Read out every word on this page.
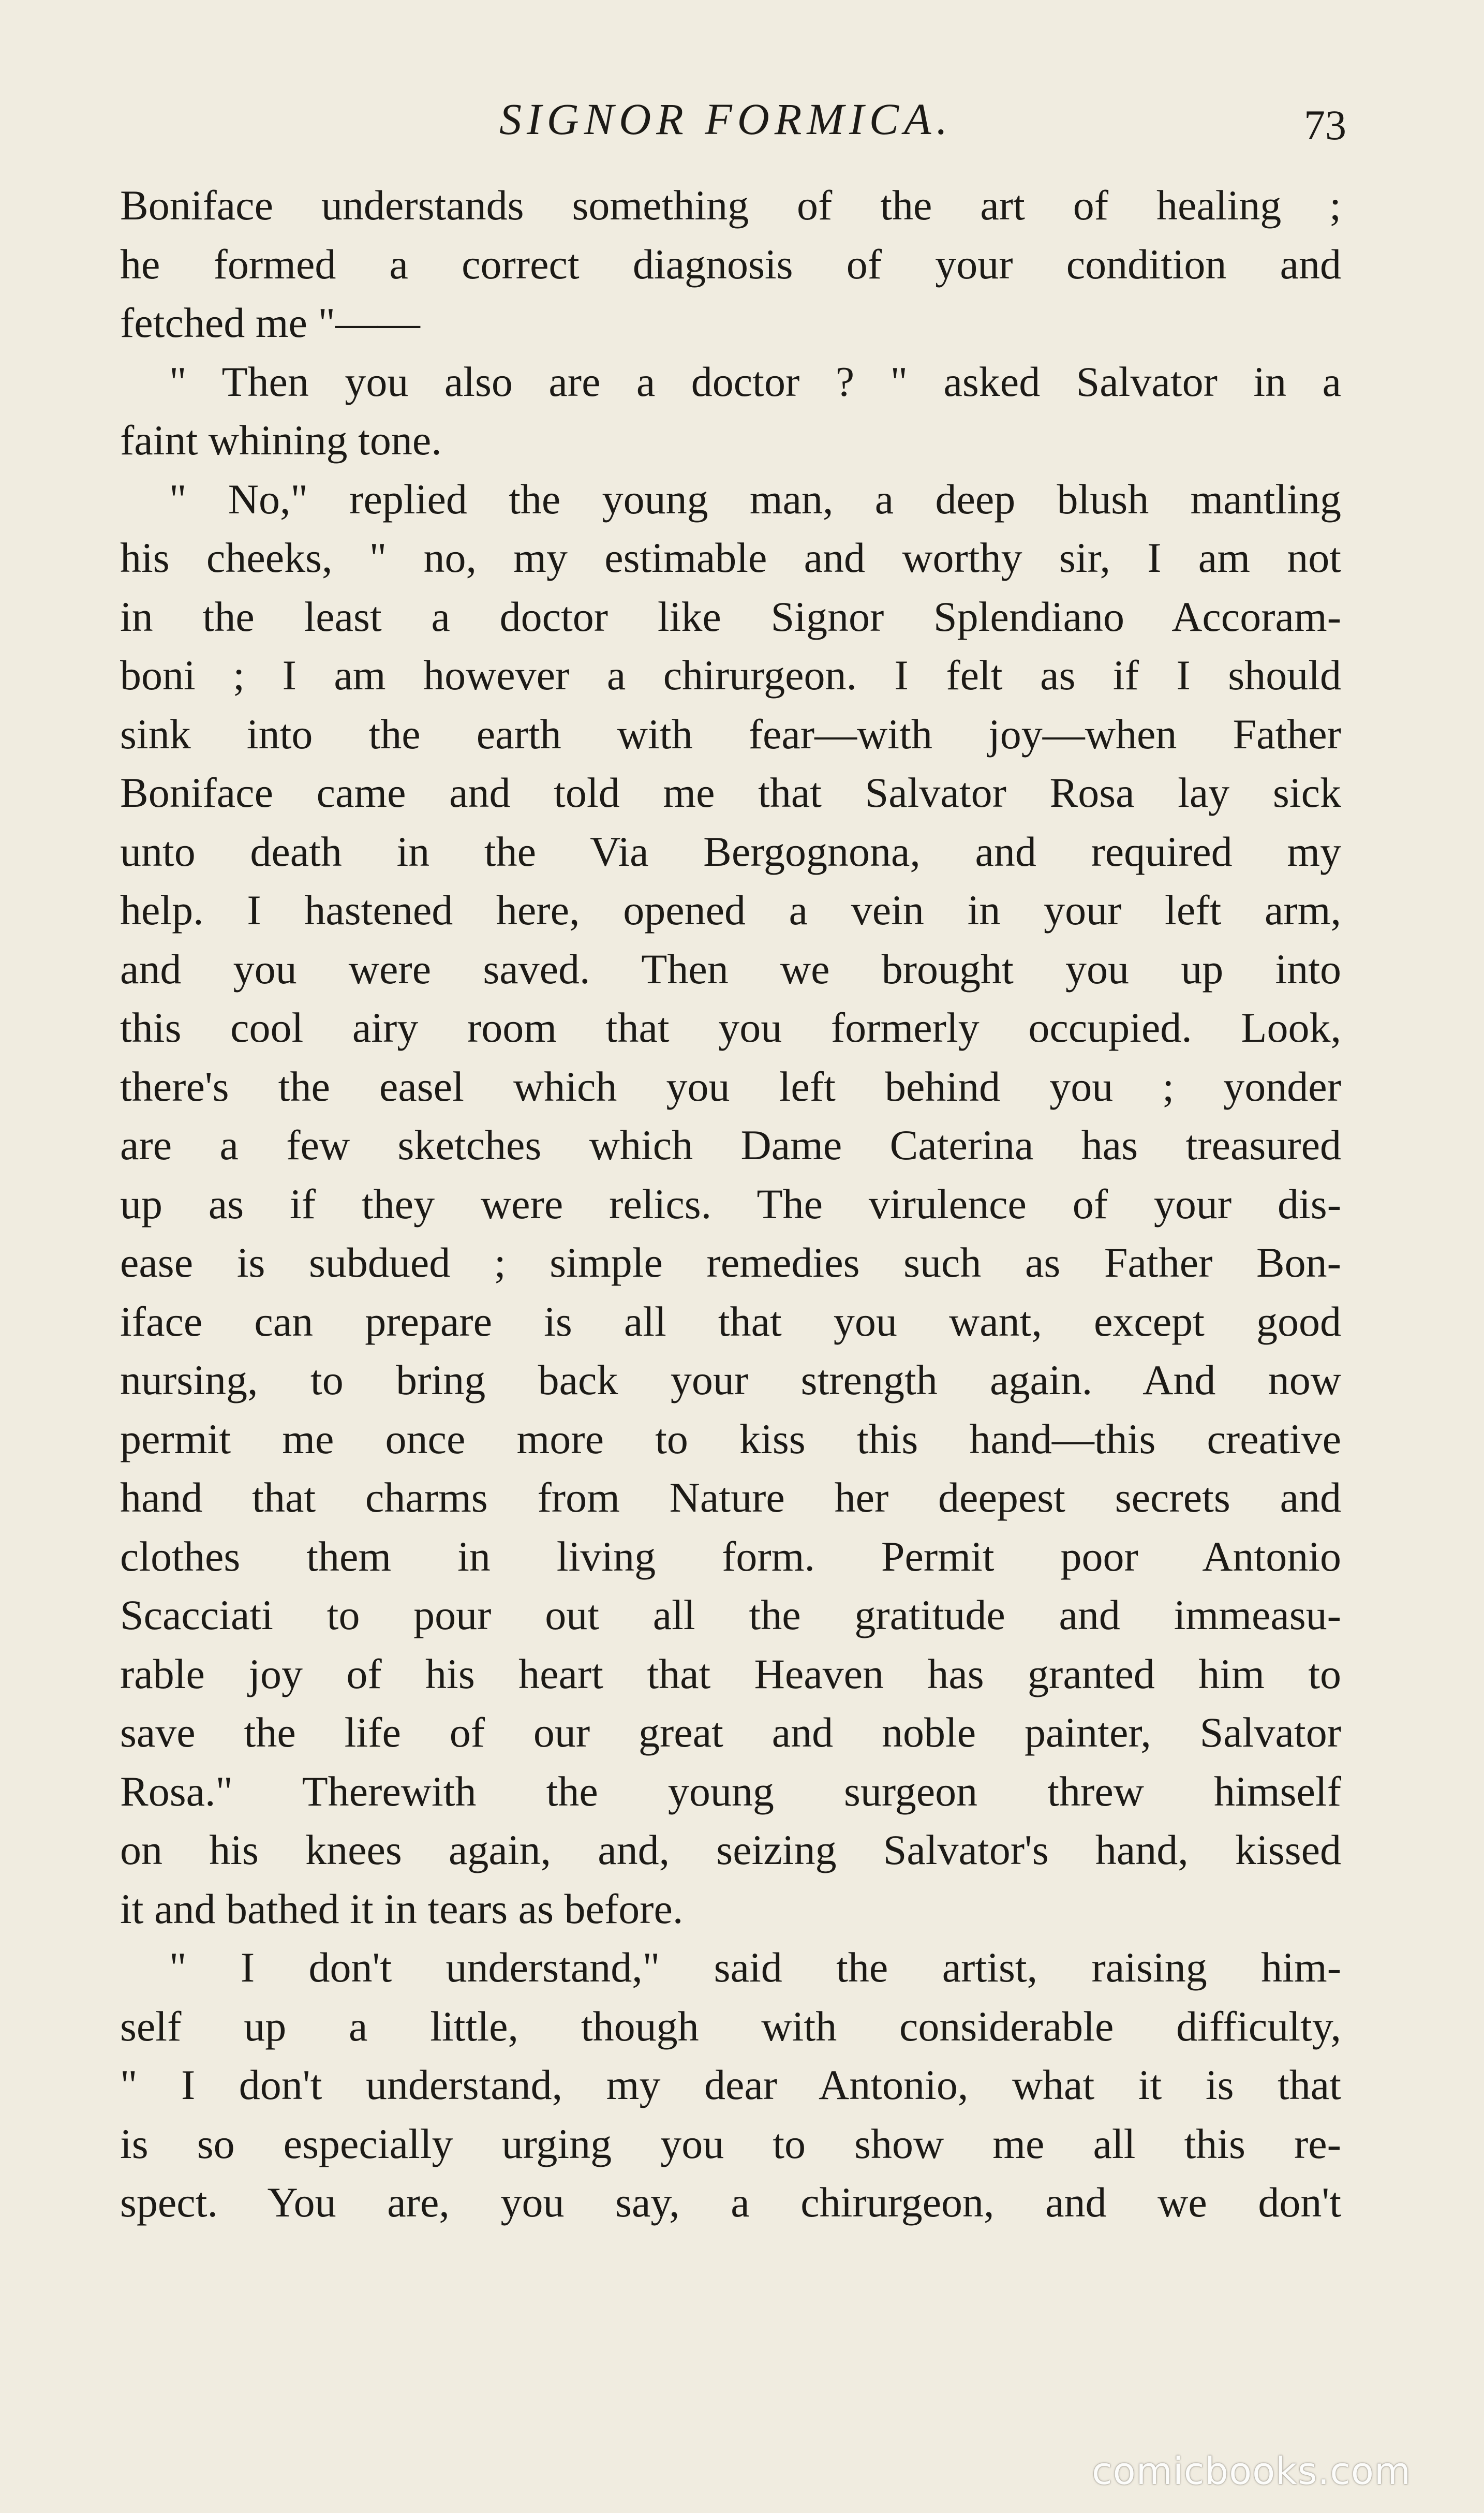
SIGNOR FORMICA.	73
Boniface understands something of the art of healing ;
he formed a correct diagnosis of your condition and
fetched me "——
" Then you also are a doctor ? " asked Salvator in a
faint whining tone.
" No," replied the young man, a deep blush mantling
his cheeks, " no, my estimable and worthy sir, I am not
in the least a doctor like Signor Splendiano Accoram-
boni ; I am however a chirurgeon. I felt as if I should
sink into the earth with fear—with joy—when Father
Boniface came and told me that Salvator Rosa lay sick
unto death in the Via Bergognona, and required my
help. I hastened here, opened a vein in your left arm,
and you were saved. Then we brought you up into
this cool airy room that you formerly occupied. Look,
there's the easel which you left behind you ; yonder
are a few sketches which Dame Caterina has treasured
up as if they were relics. The virulence of your dis-
ease is subdued ; simple remedies such as Father Bon-
iface can prepare is all that you want, except good
nursing, to bring back your strength again. And now
permit me once more to kiss this hand—this creative
hand that charms from Nature her deepest secrets and
clothes them in living form. Permit poor Antonio
Scacciati to pour out all the gratitude and immeasu-
rable joy of his heart that Heaven has granted him to
save the life of our great and noble painter, Salvator
Rosa." Therewith the young surgeon threw himself
on his knees again, and, seizing Salvator's hand, kissed
it and bathed it in tears as before.
" I don't understand," said the artist, raising him-
self up a little, though with considerable difficulty,
" I don't understand, my dear Antonio, what it is that
is so especially urging you to show me all this re-
spect. You are, you say, a chirurgeon, and we don't
comicbooks.com
